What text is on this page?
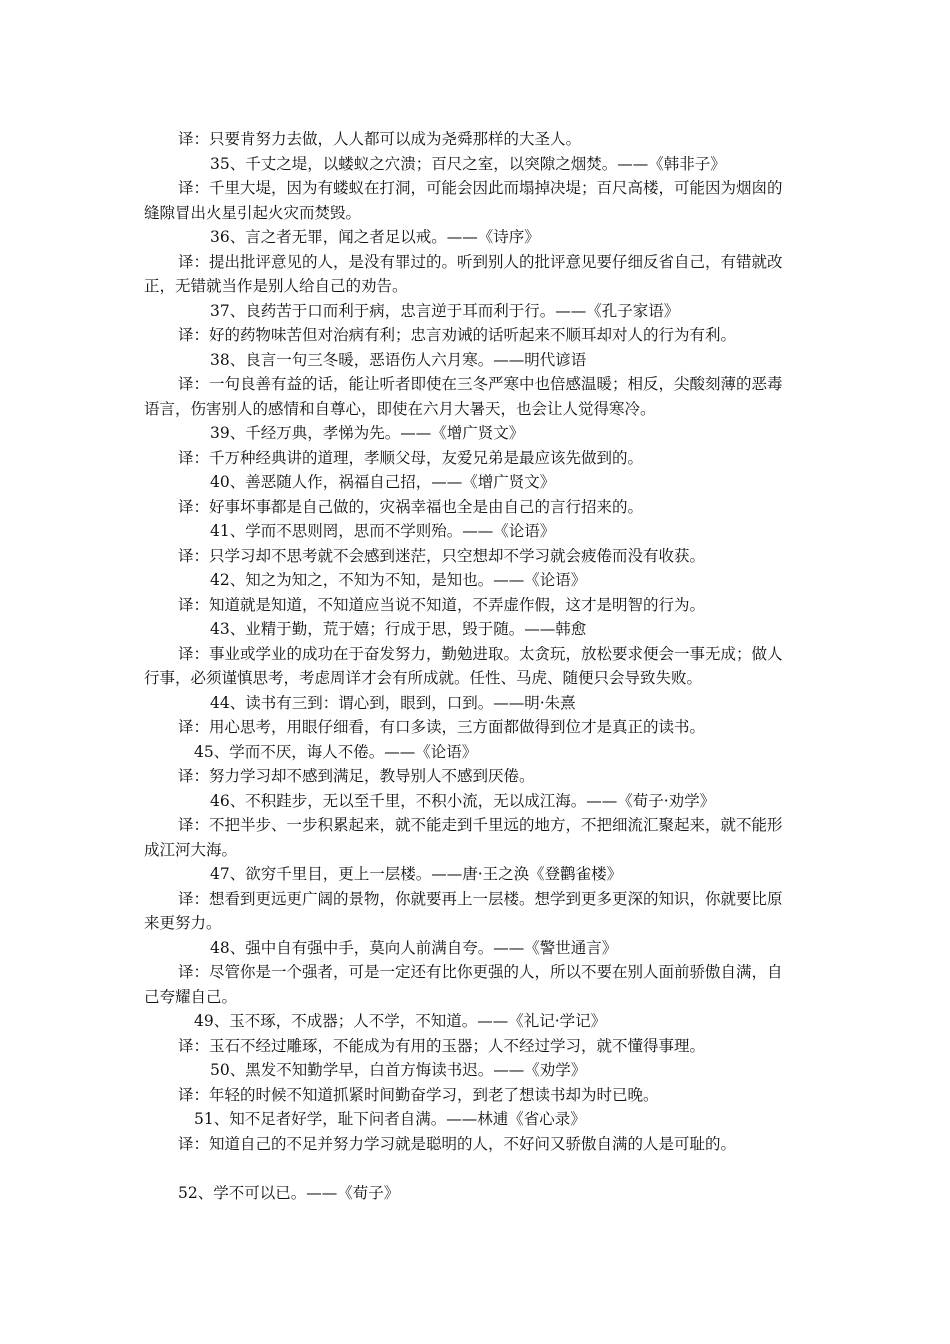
译：只要肯努力去做，人人都可以成为尧舜那样的大圣人。
35、千丈之堤，以蝼蚁之穴溃；百尺之室，以突隙之烟焚。——《韩非子》
译：千里大堤，因为有蝼蚁在打洞，可能会因此而塌掉决堤；百尺高楼，可能因为烟囱的
缝隙冒出火星引起火灾而焚毁。
36、言之者无罪，闻之者足以戒。——《诗序》
译：提出批评意见的人，是没有罪过的。听到别人的批评意见要仔细反省自己，有错就改
正，无错就当作是别人给自己的劝告。
37、良药苦于口而利于病，忠言逆于耳而利于行。——《孔子家语》
译：好的药物味苦但对治病有利；忠言劝诫的话听起来不顺耳却对人的行为有利。
38、良言一句三冬暖，恶语伤人六月寒。——明代谚语
译：一句良善有益的话，能让听者即使在三冬严寒中也倍感温暖；相反，尖酸刻薄的恶毒
语言，伤害别人的感情和自尊心，即使在六月大暑天，也会让人觉得寒冷。
39、千经万典，孝悌为先。——《增广贤文》
译：千万种经典讲的道理，孝顺父母，友爱兄弟是最应该先做到的。
40、善恶随人作，祸福自己招，——《增广贤文》
译：好事坏事都是自己做的，灾祸幸福也全是由自己的言行招来的。
41、学而不思则罔，思而不学则殆。——《论语》
译：只学习却不思考就不会感到迷茫，只空想却不学习就会疲倦而没有收获。
42、知之为知之，不知为不知，是知也。——《论语》
译：知道就是知道，不知道应当说不知道，不弄虚作假，这才是明智的行为。
43、业精于勤，荒于嬉；行成于思，毁于随。——韩愈
译：事业或学业的成功在于奋发努力，勤勉进取。太贪玩，放松要求便会一事无成；做人
行事，必须谨慎思考，考虑周详才会有所成就。任性、马虎、随便只会导致失败。
44、读书有三到：谓心到，眼到，口到。——明·朱熹
译：用心思考，用眼仔细看，有口多读，三方面都做得到位才是真正的读书。
45、学而不厌，诲人不倦。——《论语》
译：努力学习却不感到满足，教导别人不感到厌倦。
46、不积跬步，无以至千里，不积小流，无以成江海。——《荀子·劝学》
译：不把半步、一步积累起来，就不能走到千里远的地方，不把细流汇聚起来，就不能形
成江河大海。
47、欲穷千里目，更上一层楼。——唐·王之涣《登鹳雀楼》
译：想看到更远更广阔的景物，你就要再上一层楼。想学到更多更深的知识，你就要比原
来更努力。
48、强中自有强中手，莫向人前满自夸。——《警世通言》
译：尽管你是一个强者，可是一定还有比你更强的人，所以不要在别人面前骄傲自满，自
己夸耀自己。
49、玉不琢，不成器；人不学，不知道。——《礼记·学记》
译：玉石不经过雕琢，不能成为有用的玉器；人不经过学习，就不懂得事理。
50、黑发不知勤学早，白首方悔读书迟。——《劝学》
译：年轻的时候不知道抓紧时间勤奋学习，到老了想读书却为时已晚。
51、知不足者好学，耻下问者自满。——林逋《省心录》
译：知道自己的不足并努力学习就是聪明的人，不好问又骄傲自满的人是可耻的。
52、学不可以已。——《荀子》
